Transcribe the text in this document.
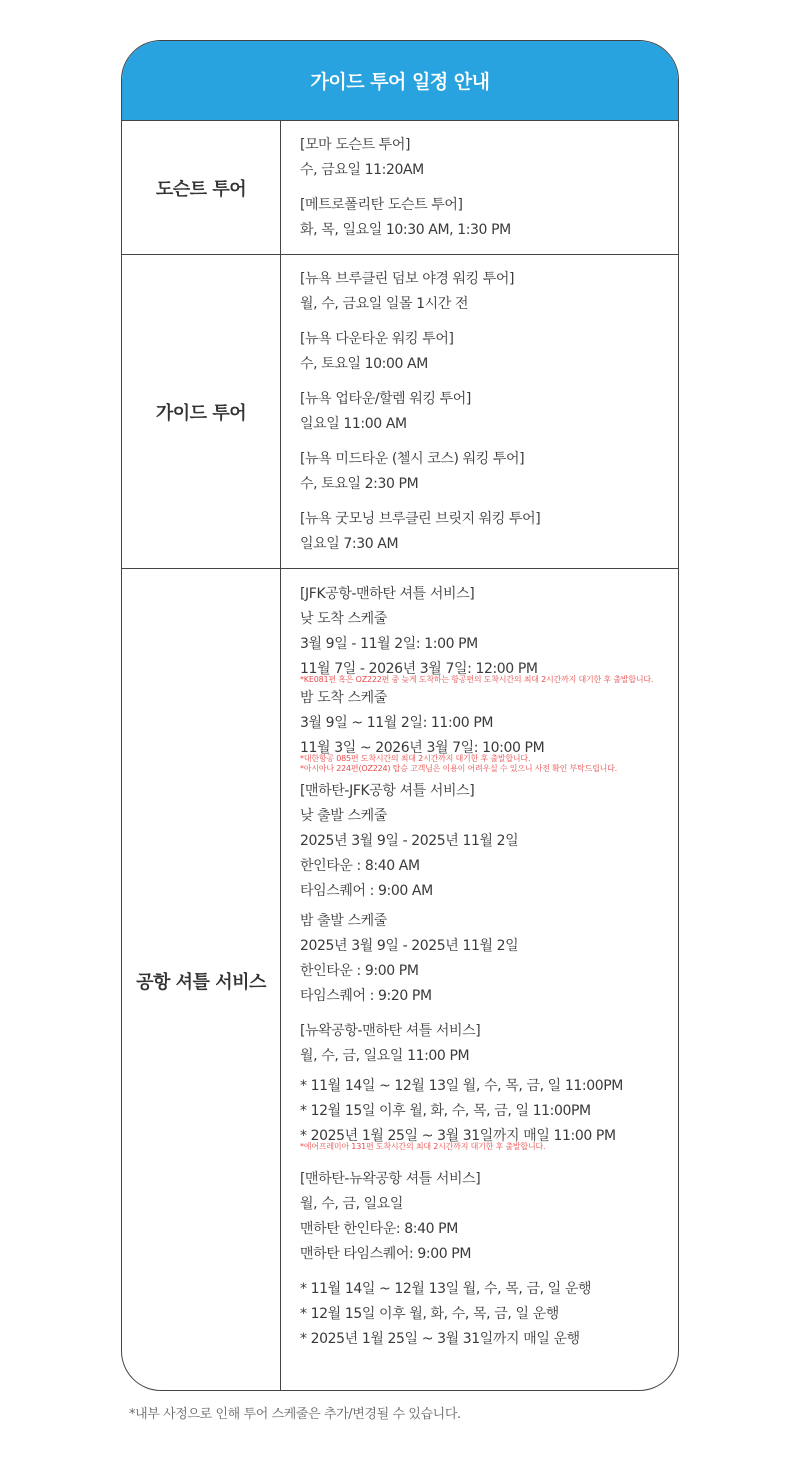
가이드 투어 일정 안내
도슨트 투어
[모마 도슨트 투어]
수, 금요일 11:20AM
[메트로폴리탄 도슨트 투어]
화, 목, 일요일 10:30 AM, 1:30 PM
가이드 투어
[뉴욕 브루클린 덤보 야경 워킹 투어]
월, 수, 금요일 일몰 1시간 전
[뉴욕 다운타운 워킹 투어]
수, 토요일 10:00 AM
[뉴욕 업타운/할렘 워킹 투어]
일요일 11:00 AM
[뉴욕 미드타운 (첼시 코스) 워킹 투어]
수, 토요일 2:30 PM
[뉴욕 굿모닝 브루클린 브릿지 워킹 투어]
일요일 7:30 AM
공항 셔틀 서비스
[JFK공항-맨하탄 셔틀 서비스]
낮 도착 스케줄
3월 9일 - 11월 2일: 1:00 PM
11월 7일 - 2026년 3월 7일: 12:00 PM
*KE081편 혹은 OZ222편 중 늦게 도착하는 항공편의 도착시간의 최대 2시간까지 대기한 후 출발합니다.
밤 도착 스케줄
3월 9일 ~ 11월 2일: 11:00 PM
11월 3일 ~ 2026년 3월 7일: 10:00 PM
*대한항공 085편 도착시간의 최대 2시간까지 대기한 후 출발합니다.
*아시아나 224편(OZ224) 탑승 고객님은 이용이 어려우실 수 있으니 사전 확인 부탁드립니다.
[맨하탄-JFK공항 셔틀 서비스]
낮 출발 스케줄
2025년 3월 9일 - 2025년 11월 2일
한인타운 : 8:40 AM
타임스퀘어 : 9:00 AM
밤 출발 스케줄
2025년 3월 9일 - 2025년 11월 2일
한인타운 : 9:00 PM
타임스퀘어 : 9:20 PM
[뉴왁공항-맨하탄 셔틀 서비스]
월, 수, 금, 일요일 11:00 PM
* 11월 14일 ~ 12월 13일 월, 수, 목, 금, 일 11:00PM
* 12월 15일 이후 월, 화, 수, 목, 금, 일 11:00PM
* 2025년 1월 25일 ~ 3월 31일까지 매일 11:00 PM
*에어프레미아 131편 도착시간의 최대 2시간까지 대기한 후 출발합니다.
[맨하탄-뉴왁공항 셔틀 서비스]
월, 수, 금, 일요일
맨하탄 한인타운: 8:40 PM
맨하탄 타임스퀘어: 9:00 PM
* 11월 14일 ~ 12월 13일 월, 수, 목, 금, 일 운행
* 12월 15일 이후 월, 화, 수, 목, 금, 일 운행
* 2025년 1월 25일 ~ 3월 31일까지 매일 운행
*내부 사정으로 인해 투어 스케줄은 추가/변경될 수 있습니다.
